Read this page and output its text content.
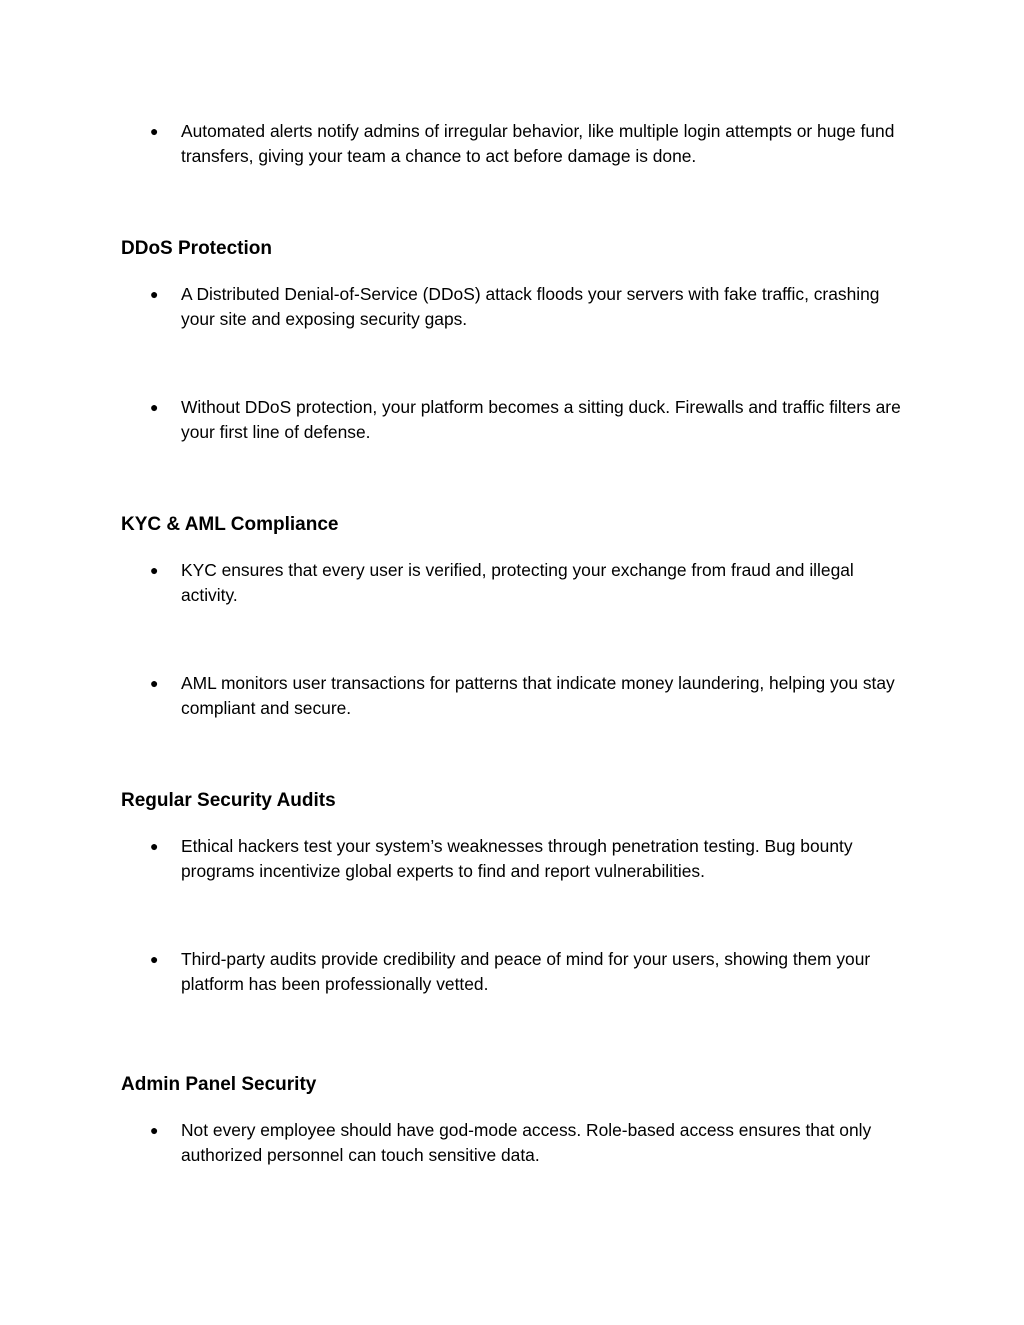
●	Automated alerts notify admins of irregular behavior, like multiple login attempts or huge fund transfers, giving your team a chance to act before damage is done.
DDoS Protection
●	A Distributed Denial-of-Service (DDoS) attack floods your servers with fake traffic, crashing your site and exposing security gaps.
●	Without DDoS protection, your platform becomes a sitting duck. Firewalls and traffic filters are your first line of defense.
KYC & AML Compliance
●	KYC ensures that every user is verified, protecting your exchange from fraud and illegal activity.
●	AML monitors user transactions for patterns that indicate money laundering, helping you stay compliant and secure.
Regular Security Audits
●	Ethical hackers test your system’s weaknesses through penetration testing. Bug bounty programs incentivize global experts to find and report vulnerabilities.
●	Third-party audits provide credibility and peace of mind for your users, showing them your platform has been professionally vetted.
Admin Panel Security
●	Not every employee should have god-mode access. Role-based access ensures that only authorized personnel can touch sensitive data.
